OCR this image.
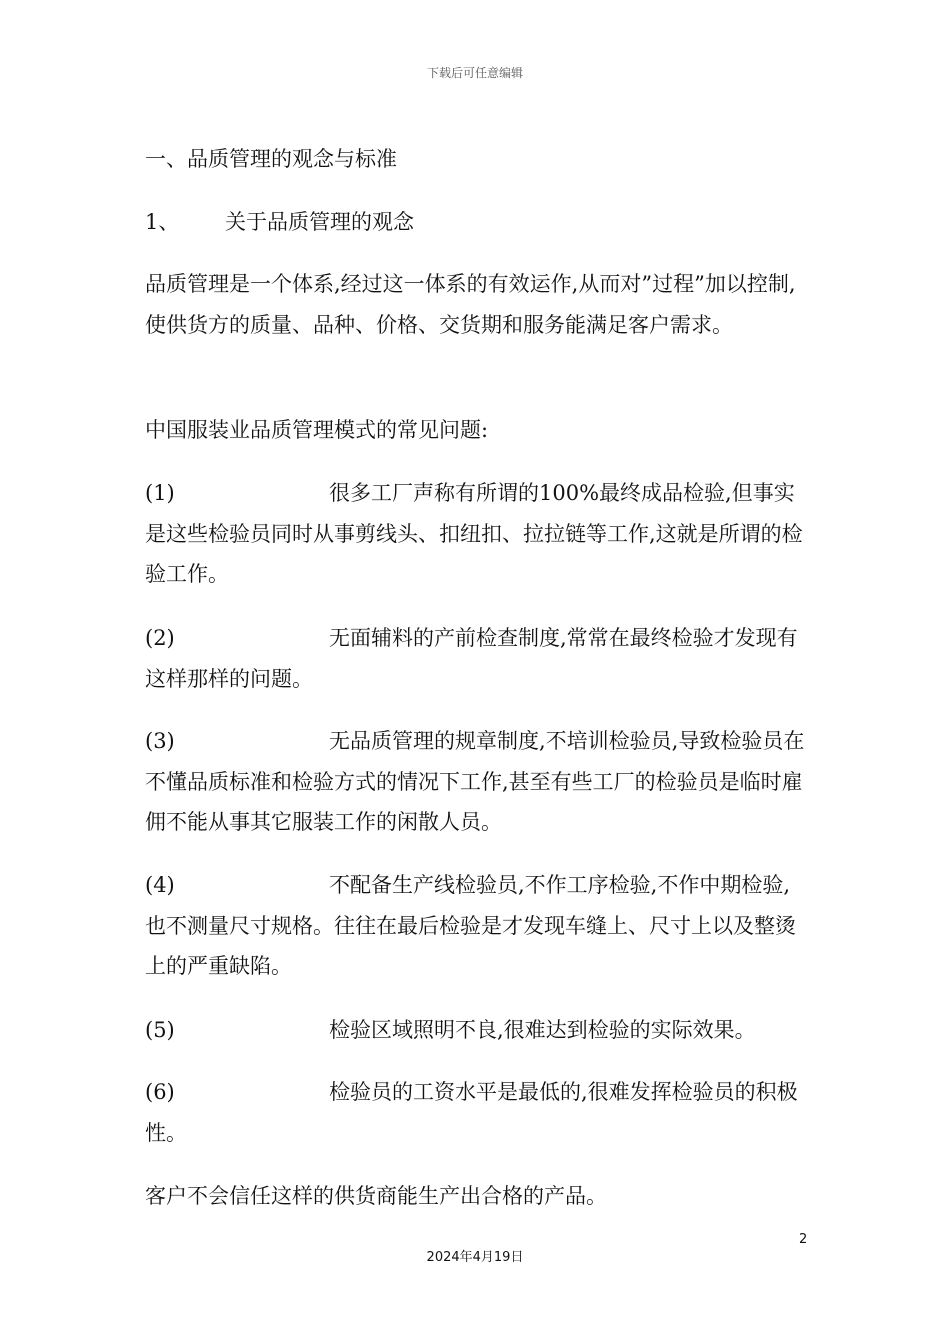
下载后可任意编辑
一、品质管理的观念与标准
1、 关于品质管理的观念
品质管理是一个体系,经过这一体系的有效运作,从而对”过程”加以控制,使供货方的质量、品种、价格、交货期和服务能满足客户需求。
中国服装业品质管理模式的常见问题:
(1)	很多工厂声称有所谓的100%最终成品检验,但事实是这些检验员同时从事剪线头、扣纽扣、拉拉链等工作,这就是所谓的检验工作。
(2)	无面辅料的产前检查制度,常常在最终检验才发现有这样那样的问题。
(3)	无品质管理的规章制度,不培训检验员,导致检验员在不懂品质标准和检验方式的情况下工作,甚至有些工厂的检验员是临时雇佣不能从事其它服装工作的闲散人员。
(4)	不配备生产线检验员,不作工序检验,不作中期检验,也不测量尺寸规格。往往在最后检验是才发现车缝上、尺寸上以及整烫上的严重缺陷。
(5)	检验区域照明不良,很难达到检验的实际效果。
(6)	检验员的工资水平是最低的,很难发挥检验员的积极性。
客户不会信任这样的供货商能生产出合格的产品。
2
2024年4月19日
